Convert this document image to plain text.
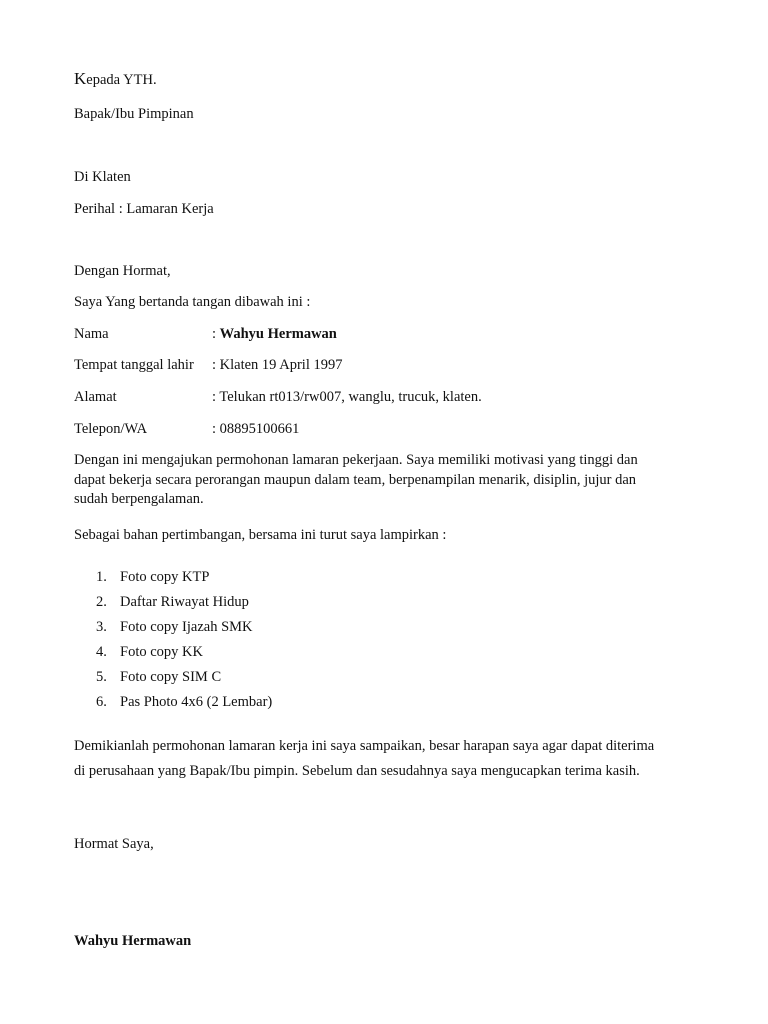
Kepada YTH.
Bapak/Ibu Pimpinan
Di Klaten
Perihal : Lamaran Kerja
Dengan Hormat,
Saya Yang bertanda tangan dibawah ini :
Nama	: Wahyu Hermawan
Tempat tanggal lahir : Klaten 19 April 1997
Alamat	: Telukan rt013/rw007, wanglu, trucuk, klaten.
Telepon/WA	: 08895100661
Dengan ini mengajukan permohonan lamaran pekerjaan. Saya memiliki motivasi yang tinggi dan
dapat bekerja secara perorangan maupun dalam team, berpenampilan menarik, disiplin, jujur dan
sudah berpengalaman.
Sebagai bahan pertimbangan, bersama ini turut saya lampirkan :
1. Foto copy KTP
2. Daftar Riwayat Hidup
3. Foto copy Ijazah SMK
4. Foto copy KK
5. Foto copy SIM C
6. Pas Photo 4x6 (2 Lembar)
Demikianlah permohonan lamaran kerja ini saya sampaikan, besar harapan saya agar dapat diterima
di perusahaan yang Bapak/Ibu pimpin. Sebelum dan sesudahnya saya mengucapkan terima kasih.
Hormat Saya,
Wahyu Hermawan
